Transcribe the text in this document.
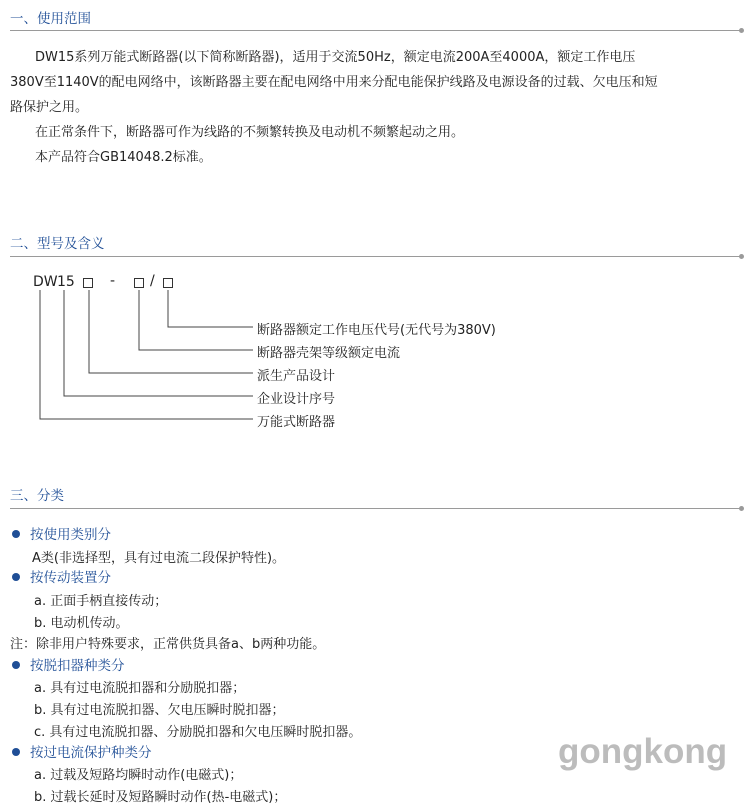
一、使用范围
DW15系列万能式断路器(以下简称断路器)，适用于交流50Hz，额定电流200A至4000A，额定工作电压
380V至1140V的配电网络中，该断路器主要在配电网络中用来分配电能保护线路及电源设备的过载、欠电压和短
路保护之用。
在正常条件下，断路器可作为线路的不频繁转换及电动机不频繁起动之用。
本产品符合GB14048.2标准。
二、型号及含义
DW 15	- /
断路器额定工作电压代号(无代号为380V)
断路器壳架等级额定电流
派生产品设计
企业设计序号
万能式断路器
三、分类
按使用类别分
A类(非选择型，具有过电流二段保护特性)。
按传动装置分
a. 正面手柄直接传动；
b. 电动机传动。
注：除非用户特殊要求，正常供货具备a、b两种功能。
按脱扣器种类分
a. 具有过电流脱扣器和分励脱扣器；
b. 具有过电流脱扣器、欠电压瞬时脱扣器；
c. 具有过电流脱扣器、分励脱扣器和欠电压瞬时脱扣器。
按过电流保护种类分
a. 过载及短路均瞬时动作(电磁式)；
b. 过载长延时及短路瞬时动作(热-电磁式)；
gongkong
